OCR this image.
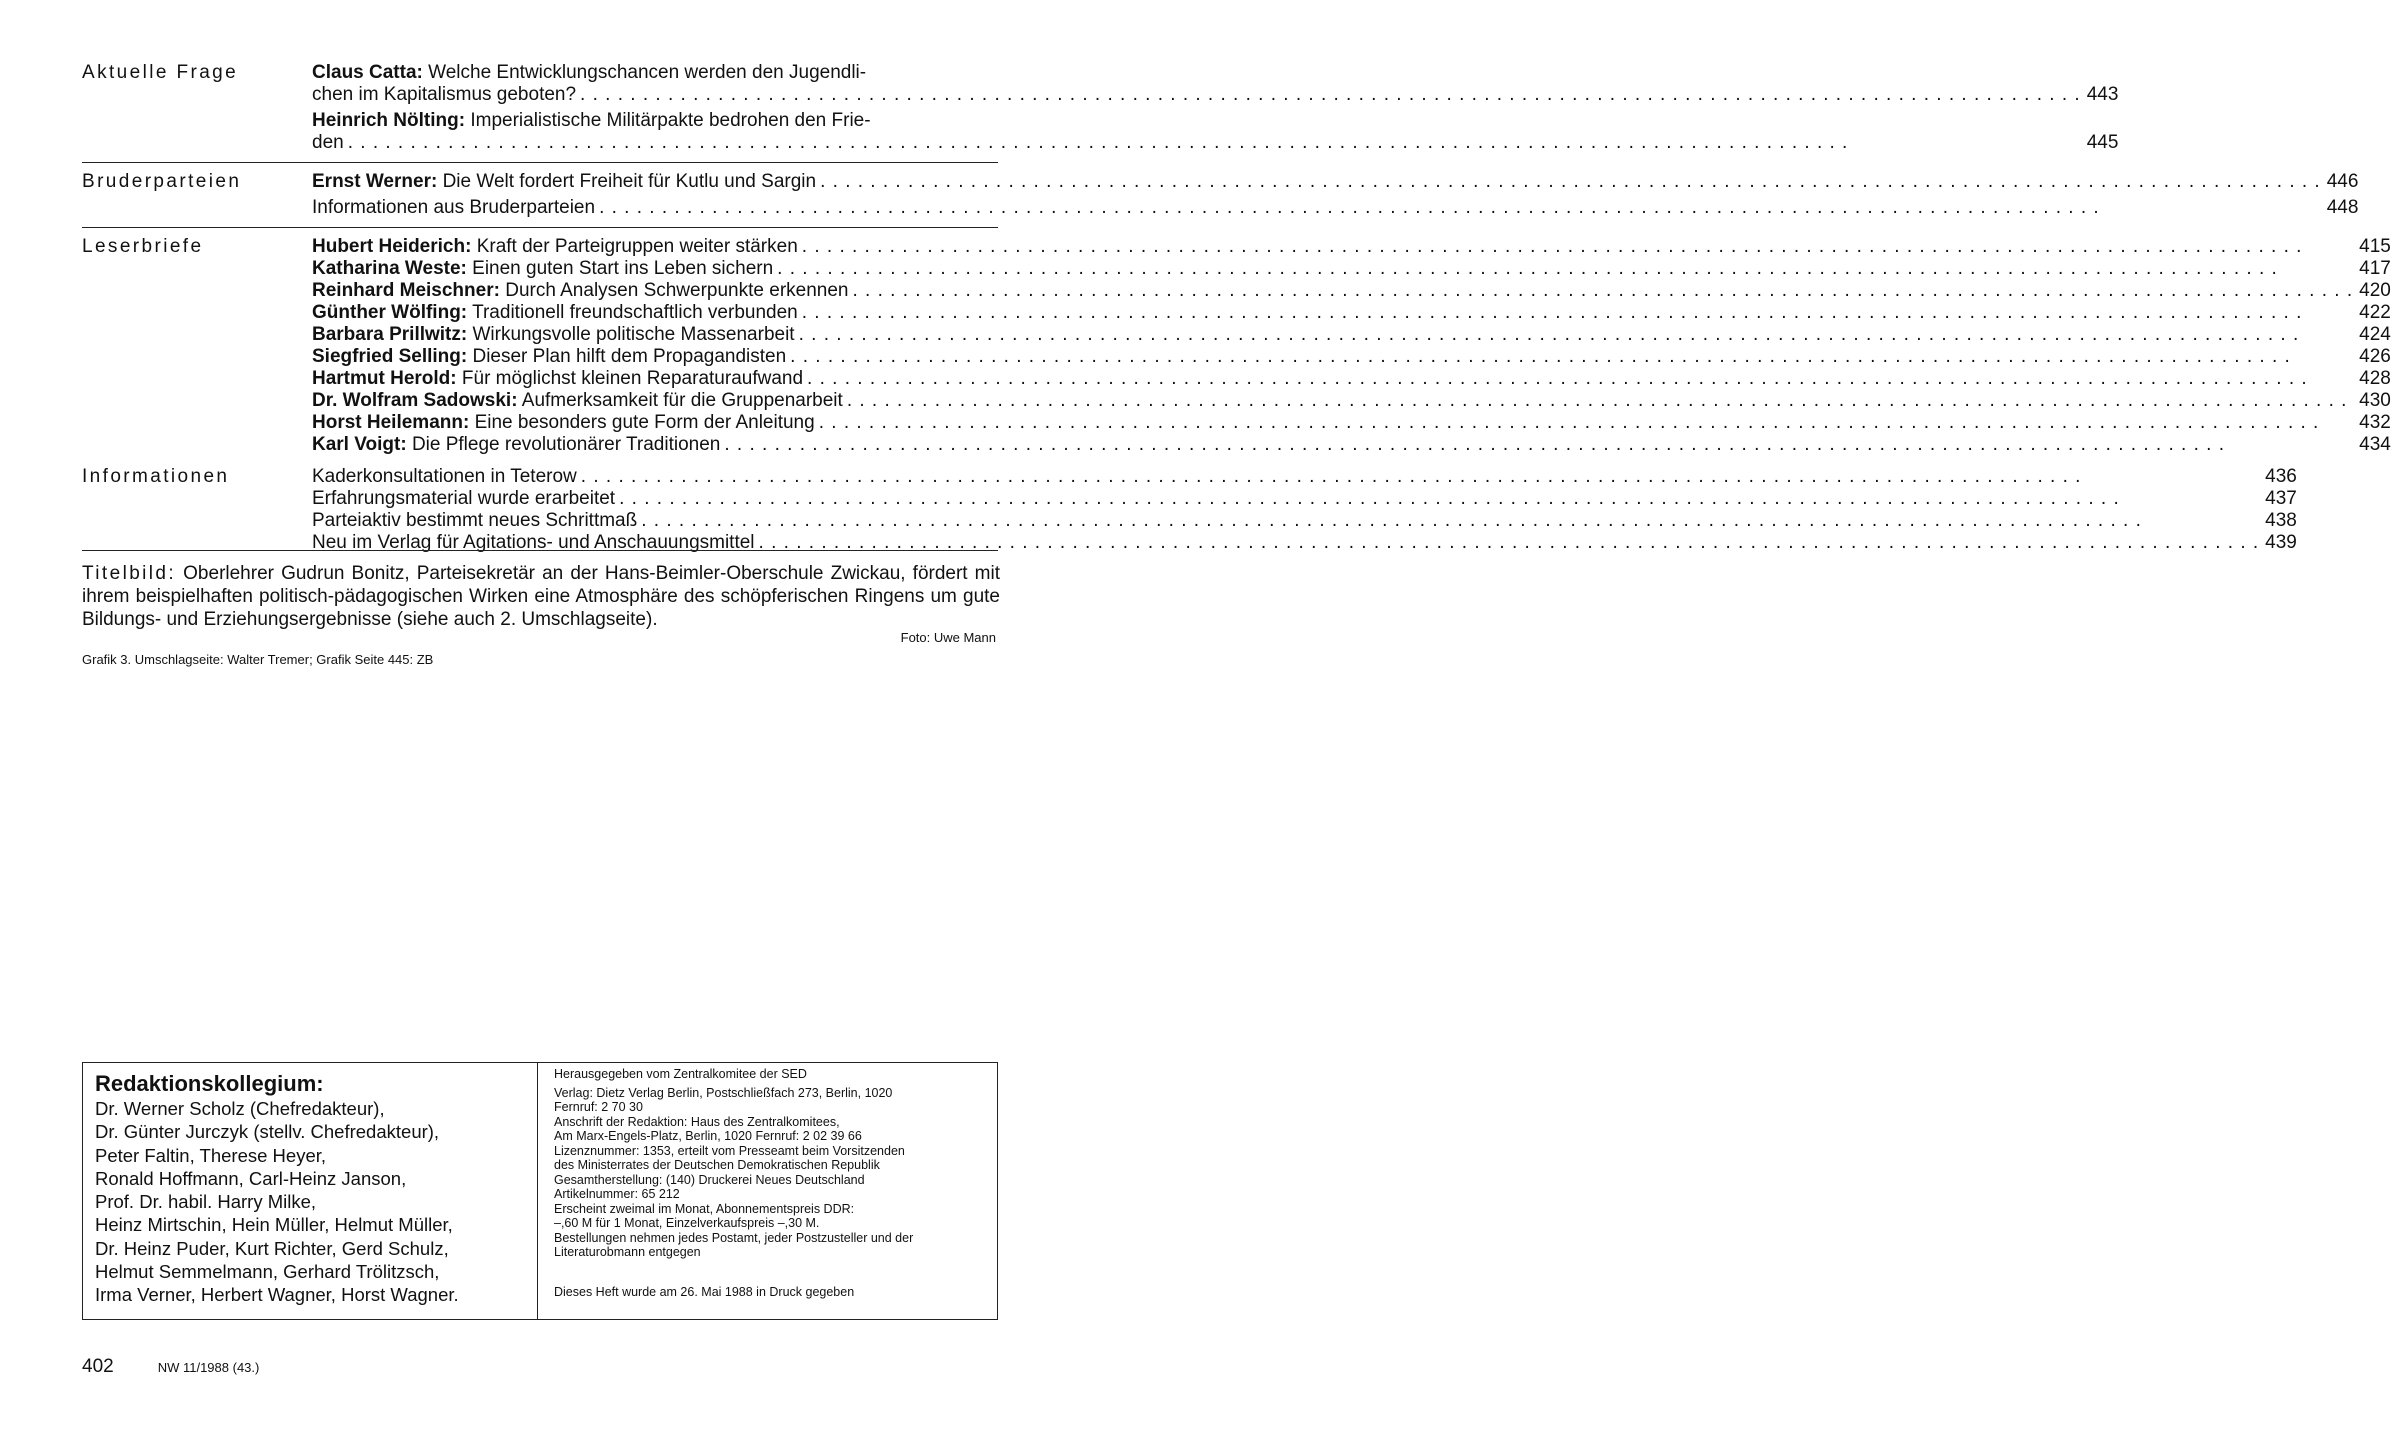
Aktuelle Frage	Claus Catta: Welche Entwicklungschancen werden den Jugendli-
chen im Kapitalismus geboten? . . .	443
Heinrich Nölting: Imperialistische Militärpakte bedrohen den Frie-
den . . .	445
Bruderparteien	Ernst Werner: Die Welt fordert Freiheit für Kutlu und Sargin . . .	446
Informationen aus Bruderparteien . . .	448
Leserbriefe	Hubert Heiderich: Kraft der Parteigruppen weiter stärken . . .	415
Katharina Weste: Einen guten Start ins Leben sichern . . .	417
Reinhard Meischner: Durch Analysen Schwerpunkte erkennen . . .	420
Günther Wölfing: Traditionell freundschaftlich verbunden . . .	422
Barbara Prillwitz: Wirkungsvolle politische Massenarbeit . . .	424
Siegfried Selling: Dieser Plan hilft dem Propagandisten . . .	426
Hartmut Herold: Für möglichst kleinen Reparaturaufwand . . .	428
Dr. Wolfram Sadowski: Aufmerksamkeit für die Gruppenarbeit . . .	430
Horst Heilemann: Eine besonders gute Form der Anleitung . . .	432
Karl Voigt: Die Pflege revolutionärer Traditionen . . .	434
Informationen	Kaderkonsultationen in Teterow . . .	436
Erfahrungsmaterial wurde erarbeitet . . .	437
Parteiaktiv bestimmt neues Schrittmaß . . .	438
Neu im Verlag für Agitations- und Anschauungsmittel . . .	439
Titelbild: Oberlehrer Gudrun Bonitz, Parteisekretär an der Hans-Beimler-Oberschule Zwickau, fördert mit ihrem beispielhaften politisch-pädagogischen Wirken eine Atmosphäre des schöpferischen Ringens um gute Bildungs- und Erziehungsergebnisse (siehe auch 2. Umschlagseite).
Foto: Uwe Mann
Grafik 3. Umschlagseite: Walter Tremer; Grafik Seite 445: ZB
Redaktionskollegium:
Dr. Werner Scholz (Chefredakteur),
Dr. Günter Jurczyk (stellv. Chefredakteur),
Peter Faltin, Therese Heyer,
Ronald Hoffmann, Carl-Heinz Janson,
Prof. Dr. habil. Harry Milke,
Heinz Mirtschin, Hein Müller, Helmut Müller,
Dr. Heinz Puder, Kurt Richter, Gerd Schulz,
Helmut Semmelmann, Gerhard Trölitzsch,
Irma Verner, Herbert Wagner, Horst Wagner.
Herausgegeben vom Zentralkomitee der SED
Verlag: Dietz Verlag Berlin, Postschließfach 273, Berlin, 1020
Fernruf: 2 70 30
Anschrift der Redaktion: Haus des Zentralkomitees,
Am Marx-Engels-Platz, Berlin, 1020 Fernruf: 2 02 39 66
Lizenznummer: 1353, erteilt vom Presseamt beim Vorsitzenden
des Ministerrates der Deutschen Demokratischen Republik
Gesamtherstellung: (140) Druckerei Neues Deutschland
Artikelnummer: 65 212
Erscheint zweimal im Monat, Abonnementspreis DDR:
–,60 M für 1 Monat, Einzelverkaufspreis –,30 M.
Bestellungen nehmen jedes Postamt, jeder Postzusteller und der
Literaturobmann entgegen
Dieses Heft wurde am 26. Mai 1988 in Druck gegeben
402	NW 11/1988 (43.)
